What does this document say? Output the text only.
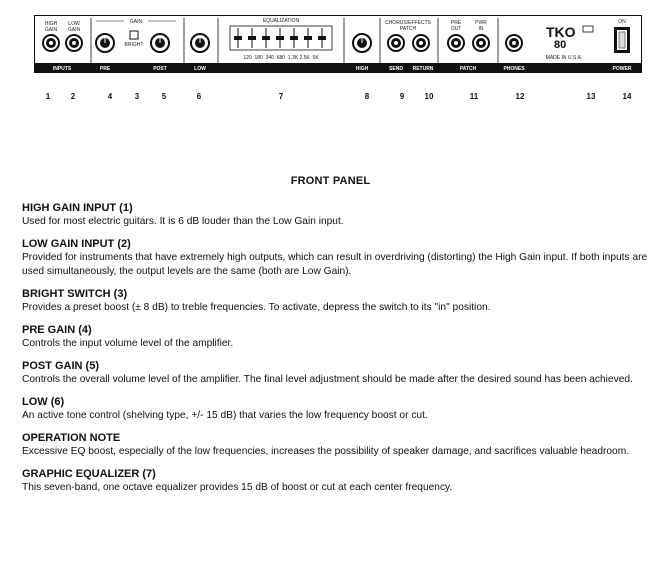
HIGH
GAIN
LOW
GAIN
GAIN
BRIGHT
EQUALIZATION
120  180  340  680  1.3K 2.5K  5K
CHORUS/EFFECTS
PATCH
PRE
OUT
PWR
IN	TKO
80
MADE IN U.S.A.
ON
INPUTS	PRE	POST	LOW	HIGH	SEND RETURN	PATCH	PHONES	POWER
1	2	4	3	5	6	7	8	9	10	11	12	13	14
FRONT PANEL
HIGH GAIN INPUT (1)

Used for most electric guitars. It is 6 dB louder than the Low Gain input.

LOW GAIN INPUT (2)

Provided for instruments that have extremely high outputs, which can result in overdriving (distorting) the High Gain input. If both inputs are used simultaneously, the output levels are the same (both are Low Gain).

BRIGHT SWITCH (3)

Provides a preset boost (± 8 dB) to treble frequencies. To activate, depress the switch to its "in" position.

PRE GAIN (4)

Controls the input volume level of the amplifier.

POST GAIN (5)

Controls the overall volume level of the amplifier. The final level adjustment should be made after the desired sound has been achieved.

LOW (6)

An active tone control (shelving type, +/- 15 dB) that varies the low frequency boost or cut.

OPERATION NOTE

Excessive EQ boost, especially of the low frequencies, increases the possibility of speaker damage, and sacrifices valuable headroom.

GRAPHIC EQUALIZER (7)

This seven-band, one octave equalizer provides 15 dB of boost or cut at each center frequency.
